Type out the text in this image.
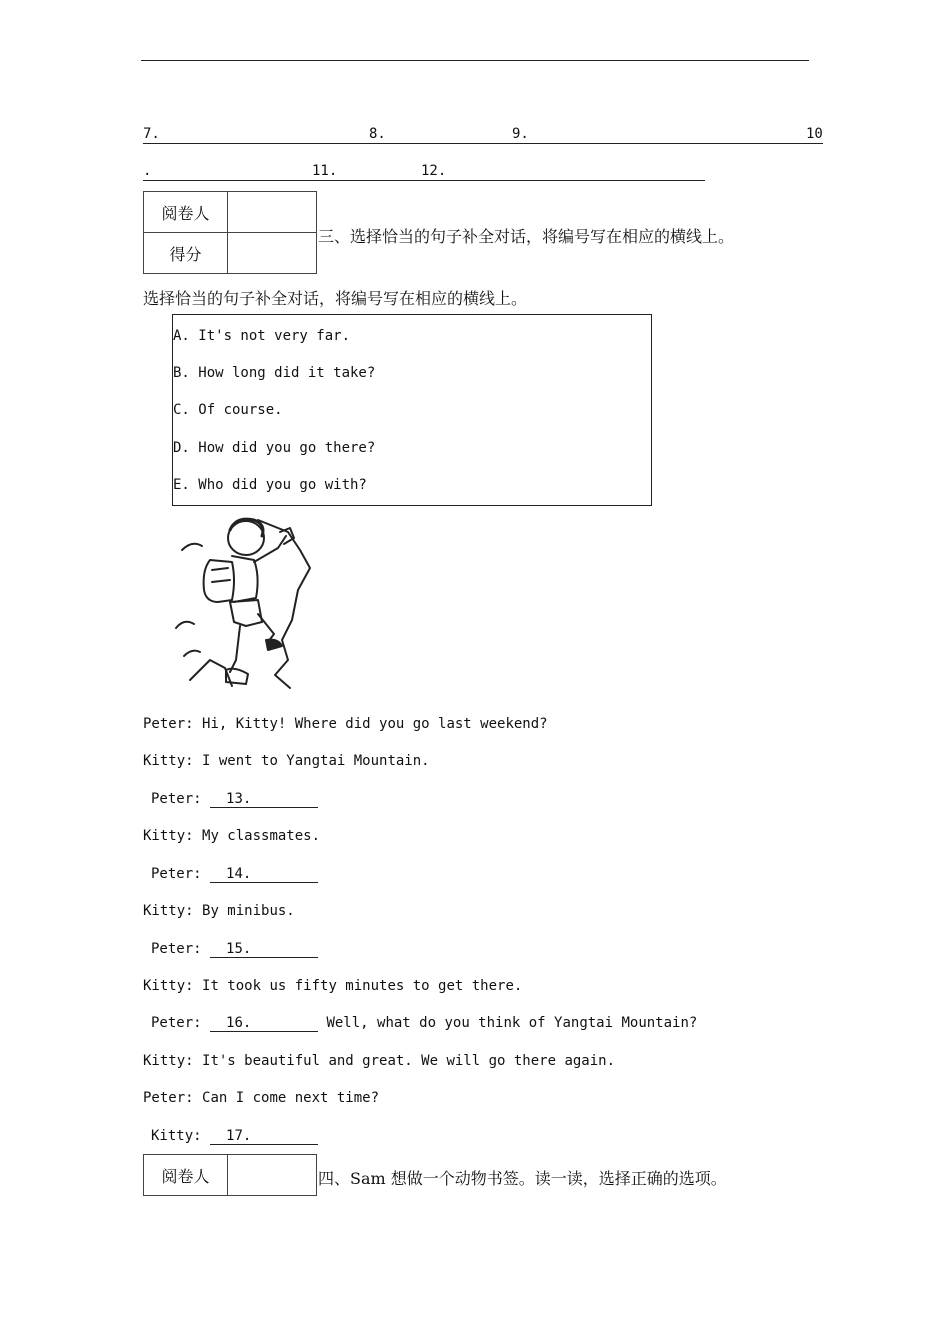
7.	8.	9.	10
.	11.	12.
阅卷人	
得分	
三、选择恰当的句子补全对话，将编号写在相应的横线上。
选择恰当的句子补全对话，将编号写在相应的横线上。
A. It's not very far.
B. How long did it take?
C. Of course.
D. How did you go there?
E. Who did you go with?
Peter: Hi, Kitty! Where did you go last weekend?
Kitty: I went to Yangtai Mountain.
Peter: 13.
Kitty: My classmates.
Peter: 14.
Kitty: By minibus.
Peter: 15.
Kitty: It took us fifty minutes to get there.
Peter: 16.	Well, what do you think of Yangtai Mountain?
Kitty: It's beautiful and great. We will go there again.
Peter: Can I come next time?
Kitty: 17.
阅卷人		四、Sam 想做一个动物书签。读一读，选择正确的选项。
